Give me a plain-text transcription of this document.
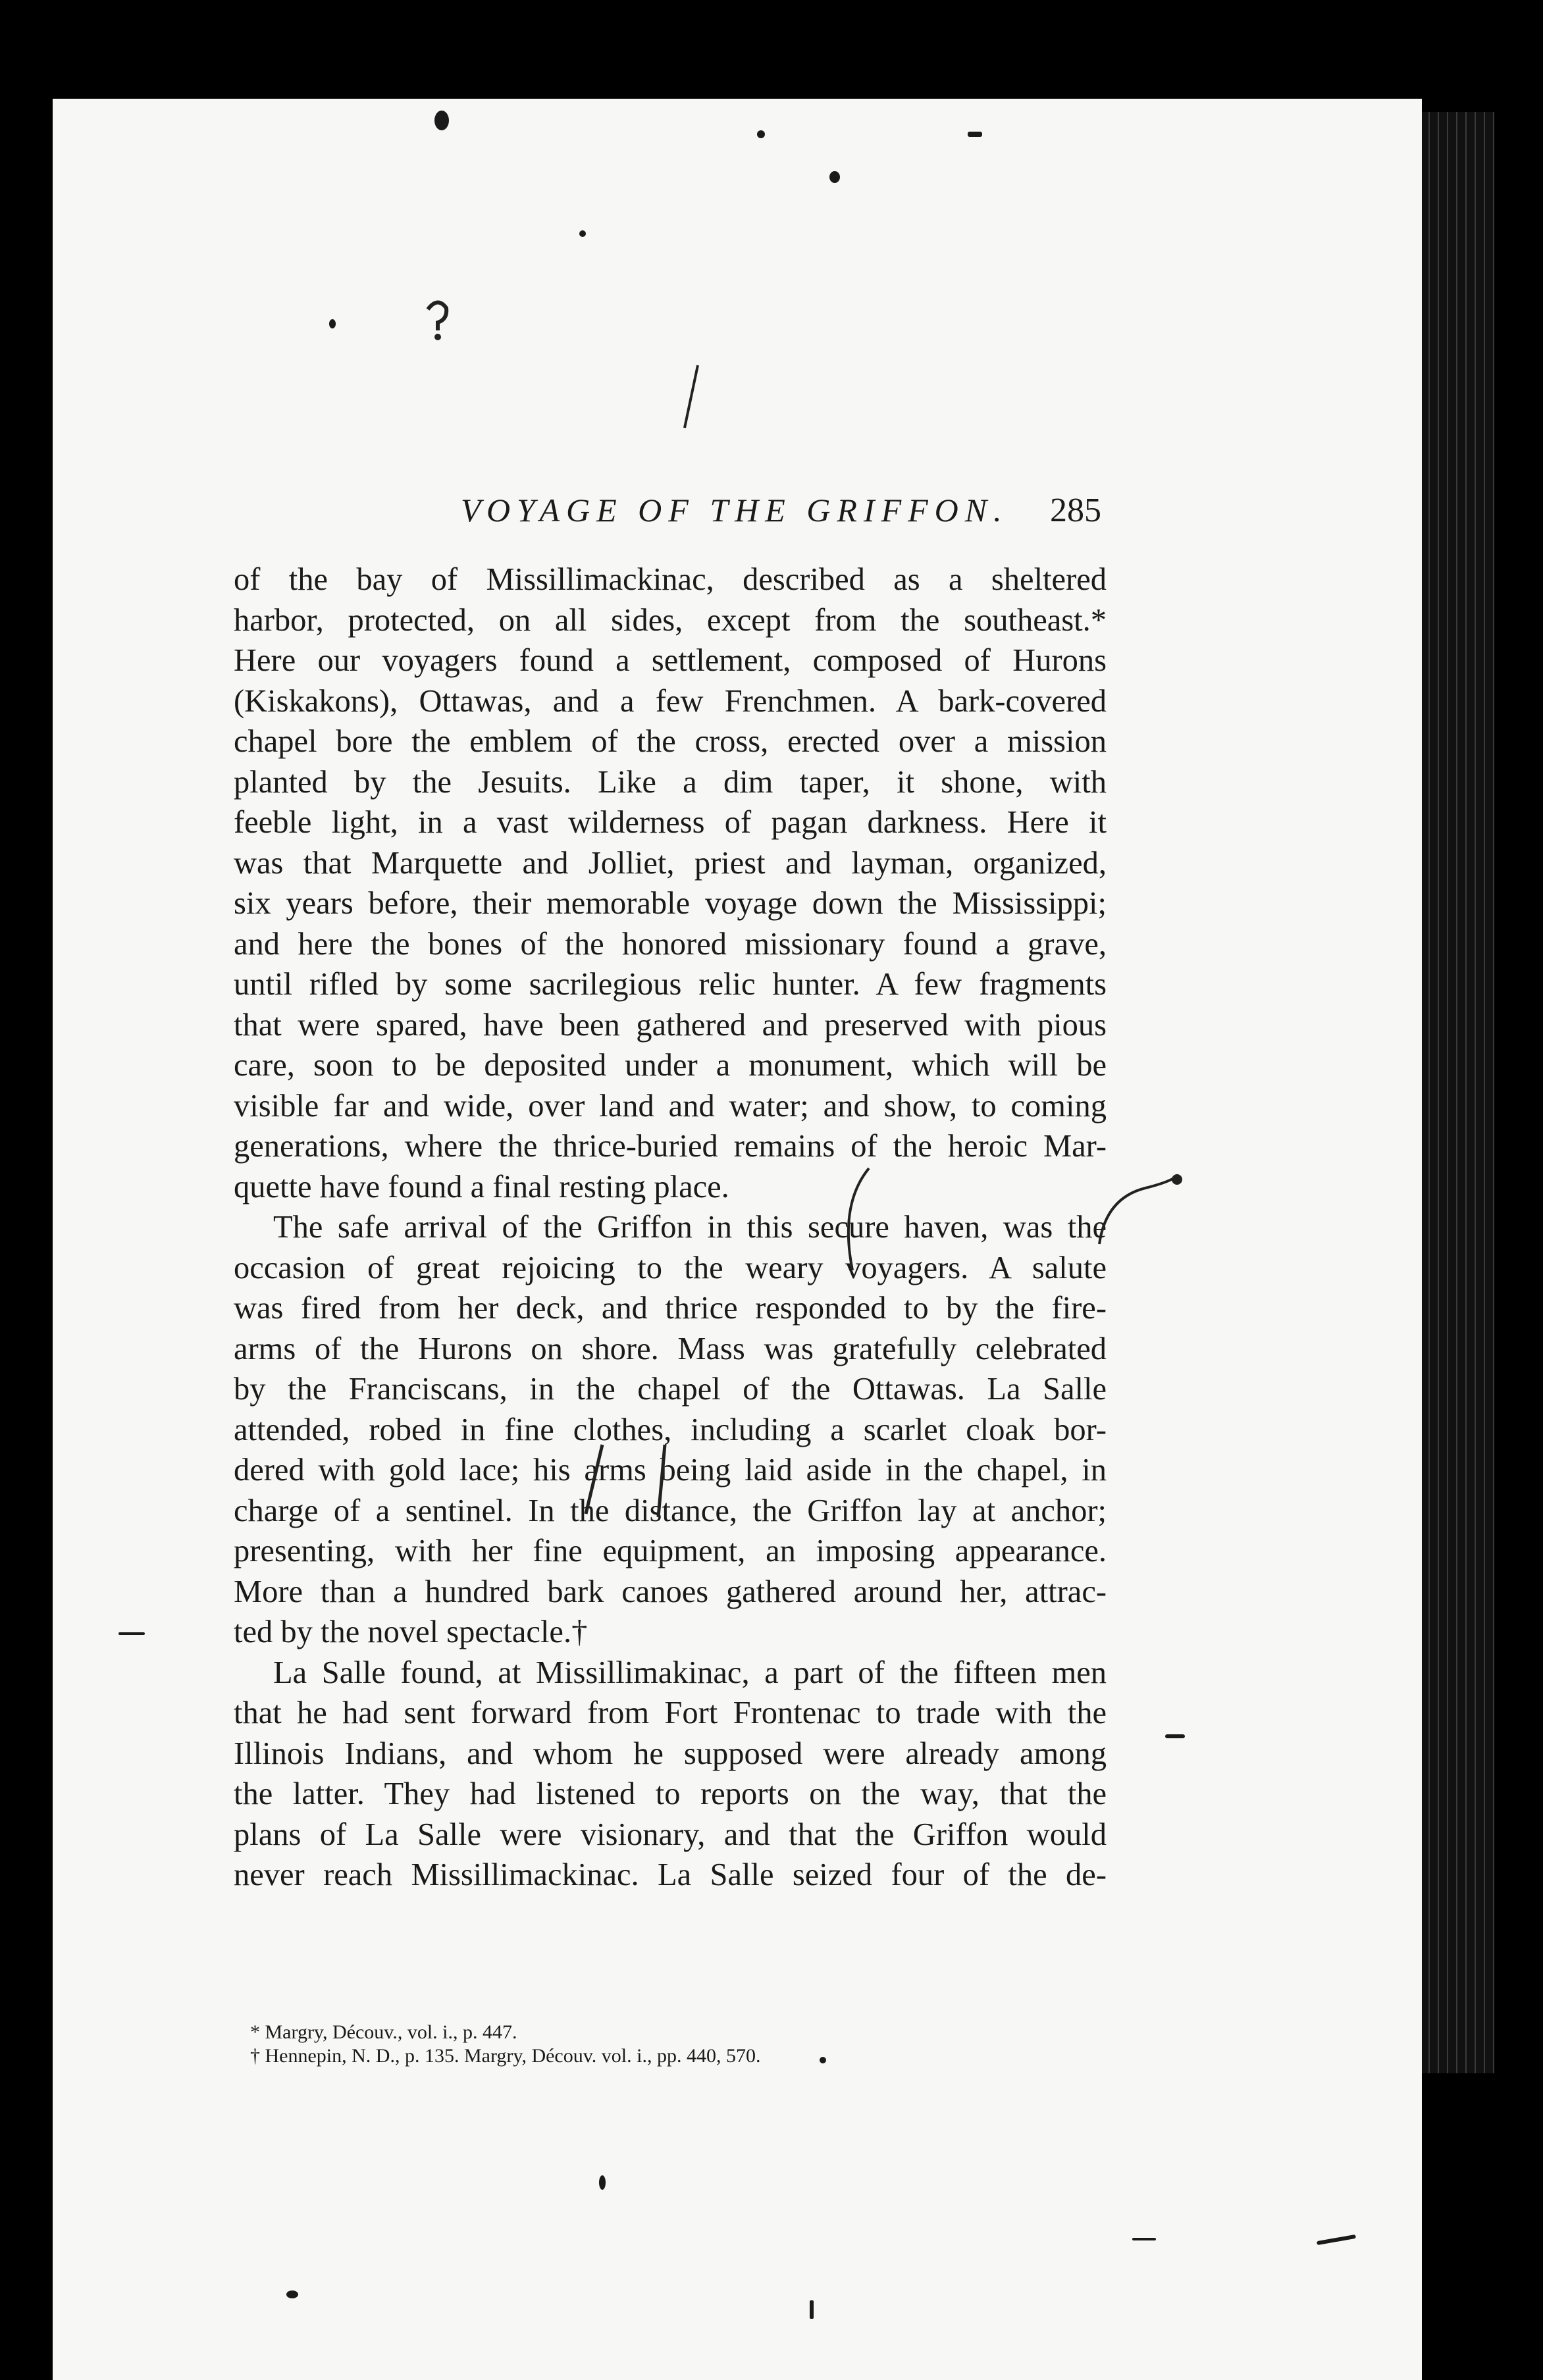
VOYAGE OF THE GRIFFON.	285
of the bay of Missillimackinac, described as a sheltered
harbor, protected, on all sides, except from the southeast.*
Here our voyagers found a settlement, composed of Hurons
(Kiskakons), Ottawas, and a few Frenchmen. A bark-covered
chapel bore the emblem of the cross, erected over a mission
planted by the Jesuits. Like a dim taper, it shone, with
feeble light, in a vast wilderness of pagan darkness. Here it
was that Marquette and Jolliet, priest and layman, organized,
six years before, their memorable voyage down the Mississippi;
and here the bones of the honored missionary found a grave,
until rifled by some sacrilegious relic hunter. A few fragments
that were spared, have been gathered and preserved with pious
care, soon to be deposited under a monument, which will be
visible far and wide, over land and water; and show, to coming
generations, where the thrice-buried remains of the heroic Mar-
quette have found a final resting place.
The safe arrival of the Griffon in this secure haven, was the
occasion of great rejoicing to the weary voyagers. A salute
was fired from her deck, and thrice responded to by the fire-
arms of the Hurons on shore. Mass was gratefully celebrated
by the Franciscans, in the chapel of the Ottawas. La Salle
attended, robed in fine clothes, including a scarlet cloak bor-
dered with gold lace; his arms being laid aside in the chapel, in
charge of a sentinel. In the distance, the Griffon lay at anchor;
presenting, with her fine equipment, an imposing appearance.
More than a hundred bark canoes gathered around her, attrac-
ted by the novel spectacle.†
La Salle found, at Missillimakinac, a part of the fifteen men
that he had sent forward from Fort Frontenac to trade with the
Illinois Indians, and whom he supposed were already among
the latter. They had listened to reports on the way, that the
plans of La Salle were visionary, and that the Griffon would
never reach Missillimackinac. La Salle seized four of the de-
* Margry, Découv., vol. i., p. 447.
† Hennepin, N. D., p. 135. Margry, Découv. vol. i., pp. 440, 570.
